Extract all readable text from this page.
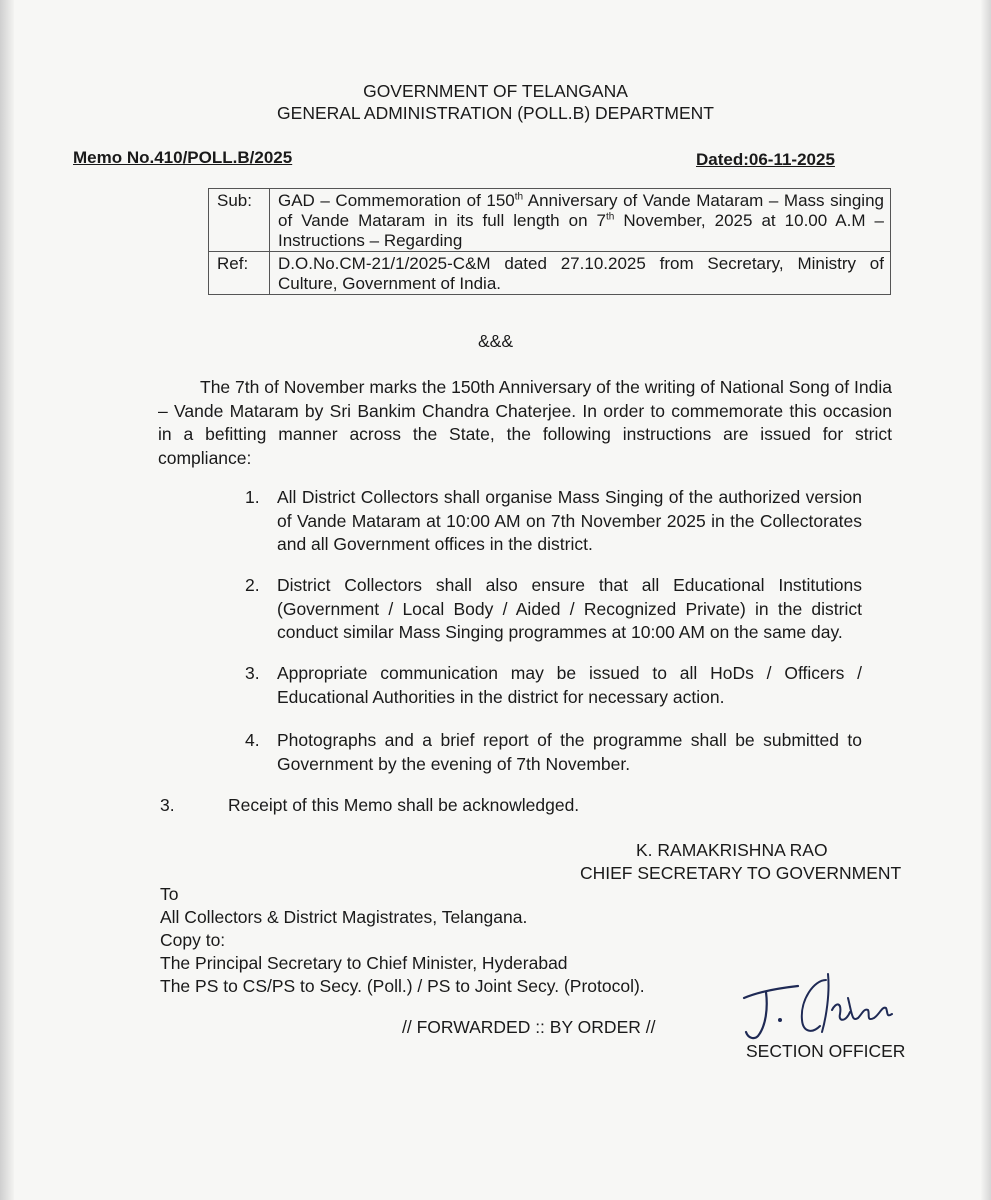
GOVERNMENT OF TELANGANA
GENERAL ADMINISTRATION (POLL.B) DEPARTMENT
Memo No.410/POLL.B/2025	Dated:06-11-2025
Sub:	GAD – Commemoration of 150th Anniversary of Vande Mataram – Mass singing of Vande Mataram in its full length on 7th November, 2025 at 10.00 A.M – Instructions – Regarding
Ref:	D.O.No.CM-21/1/2025-C&M dated 27.10.2025 from Secretary, Ministry of Culture, Government of India.
&&&
The 7th of November marks the 150th Anniversary of the writing of National Song of India – Vande Mataram by Sri Bankim Chandra Chaterjee. In order to commemorate this occasion in a befitting manner across the State, the following instructions are issued for strict compliance:
1. All District Collectors shall organise Mass Singing of the authorized version of Vande Mataram at 10:00 AM on 7th November 2025 in the Collectorates and all Government offices in the district.
2. District Collectors shall also ensure that all Educational Institutions (Government / Local Body / Aided / Recognized Private) in the district conduct similar Mass Singing programmes at 10:00 AM on the same day.
3. Appropriate communication may be issued to all HoDs / Officers / Educational Authorities in the district for necessary action.
4. Photographs and a brief report of the programme shall be submitted to Government by the evening of 7th November.
3.	Receipt of this Memo shall be acknowledged.
K. RAMAKRISHNA RAO
CHIEF SECRETARY TO GOVERNMENT
To
All Collectors & District Magistrates, Telangana.
Copy to:
The Principal Secretary to Chief Minister, Hyderabad
The PS to CS/PS to Secy. (Poll.) / PS to Joint Secy. (Protocol).
// FORWARDED :: BY ORDER //
SECTION OFFICER
